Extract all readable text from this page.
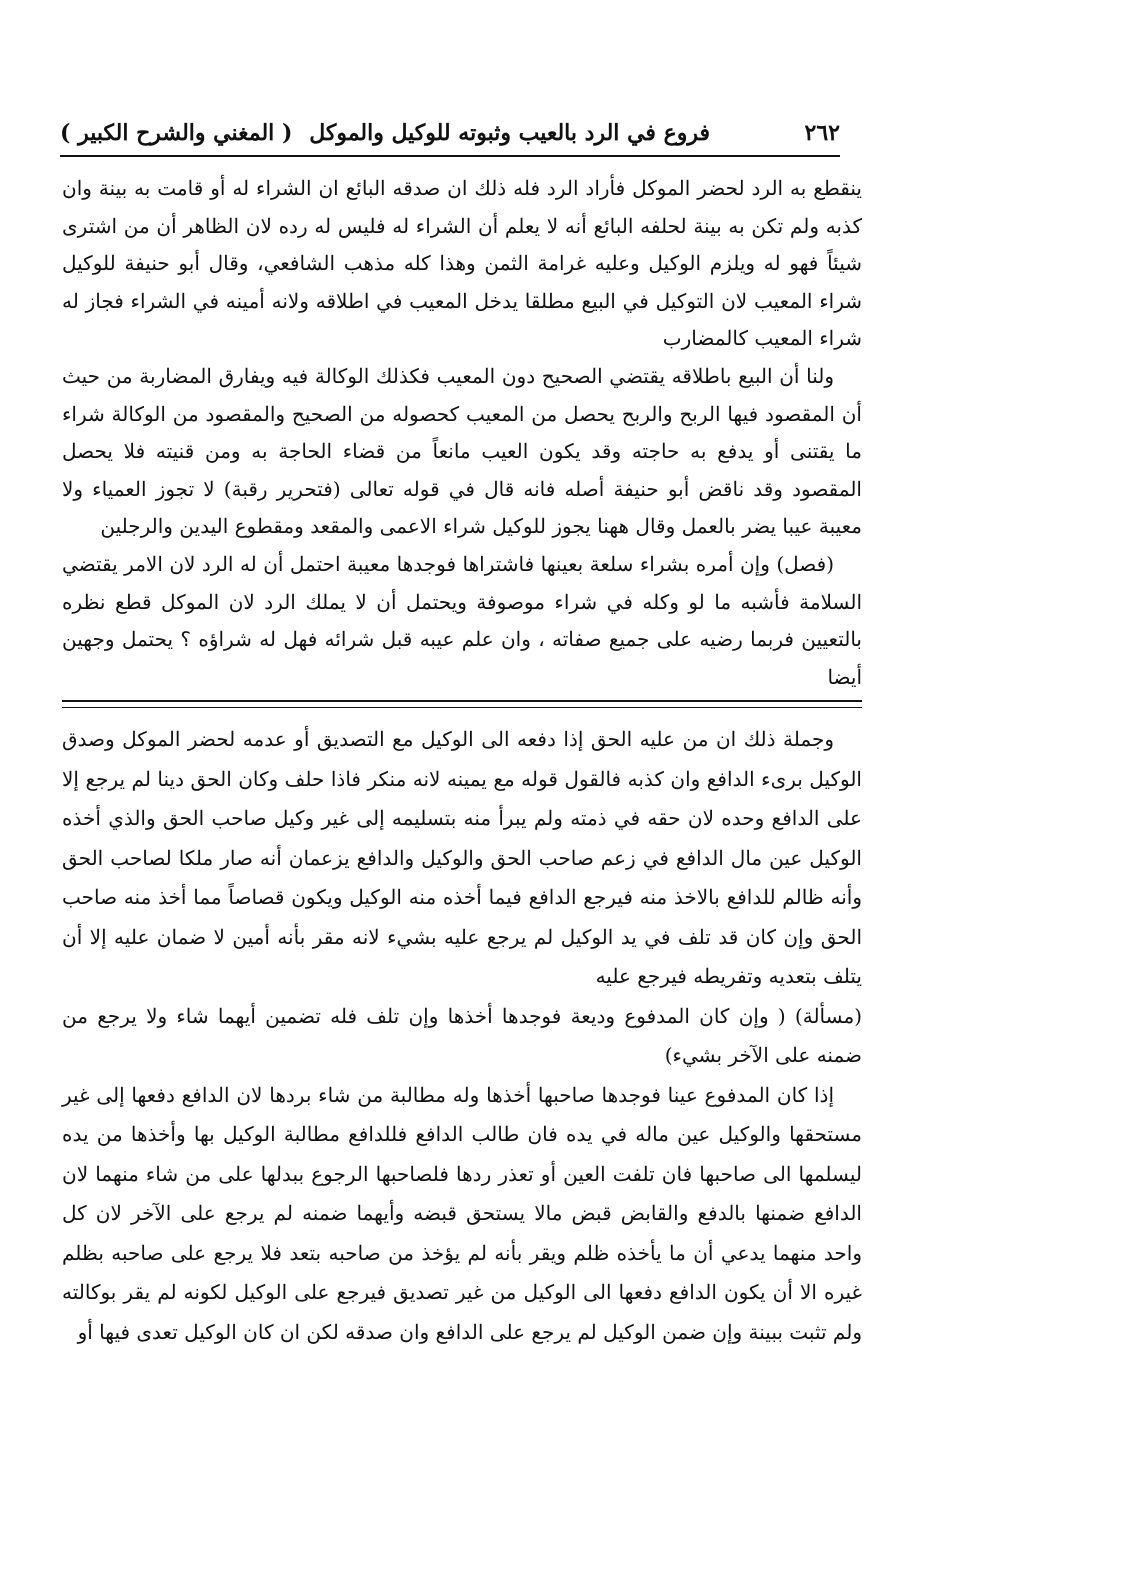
٢٦٢
فروع في الرد بالعيب وثبوته للوكيل والموكل
( المغني والشرح الكبير )

ينقطع به الرد لحضر الموكل فأراد الرد فله ذلك ان صدقه البائع ان الشراء له أو قامت به بينة وان كذبه ولم تكن به بينة لحلفه البائع أنه لا يعلم أن الشراء له فليس له رده لان الظاهر أن من اشترى شيئاً فهو له ويلزم الوكيل وعليه غرامة الثمن وهذا كله مذهب الشافعي، وقال أبو حنيفة للوكيل شراء المعيب لان التوكيل في البيع مطلقا يدخل المعيب في اطلاقه ولانه أمينه في الشراء فجاز له شراء المعيب كالمضارب

ولنا أن البيع باطلاقه يقتضي الصحيح دون المعيب فكذلك الوكالة فيه ويفارق المضاربة من حيث أن المقصود فيها الربح والربح يحصل من المعيب كحصوله من الصحيح والمقصود من الوكالة شراء ما يقتنى أو يدفع به حاجته وقد يكون العيب مانعاً من قضاء الحاجة به ومن قنيته فلا يحصل المقصود وقد ناقض أبو حنيفة أصله فانه قال في قوله تعالى (فتحرير رقبة) لا تجوز العمياء ولا معيبة عيبا يضر بالعمل وقال ههنا يجوز للوكيل شراء الاعمى والمقعد ومقطوع اليدين والرجلين

(فصل) وإن أمره بشراء سلعة بعينها فاشتراها فوجدها معيبة احتمل أن له الرد لان الامر يقتضي السلامة فأشبه ما لو وكله في شراء موصوفة ويحتمل أن لا يملك الرد لان الموكل قطع نظره بالتعيين فربما رضيه على جميع صفاته ، وان علم عيبه قبل شرائه فهل له شراؤه ؟ يحتمل وجهين أيضا

وجملة ذلك ان من عليه الحق إذا دفعه الى الوكيل مع التصديق أو عدمه لحضر الموكل وصدق الوكيل برىء الدافع وان كذبه فالقول قوله مع يمينه لانه منكر فاذا حلف وكان الحق دينا لم يرجع إلا على الدافع وحده لان حقه في ذمته ولم يبرأ منه بتسليمه إلى غير وكيل صاحب الحق والذي أخذه الوكيل عين مال الدافع في زعم صاحب الحق والوكيل والدافع يزعمان أنه صار ملكا لصاحب الحق وأنه ظالم للدافع بالاخذ منه فيرجع الدافع فيما أخذه منه الوكيل ويكون قصاصاً مما أخذ منه صاحب الحق وإن كان قد تلف في يد الوكيل لم يرجع عليه بشيء لانه مقر بأنه أمين لا ضمان عليه إلا أن يتلف بتعديه وتفريطه فيرجع عليه

(مسألة) ( وإن كان المدفوع وديعة فوجدها أخذها وإن تلف فله تضمين أيهما شاء ولا يرجع من ضمنه على الآخر بشيء)

إذا كان المدفوع عينا فوجدها صاحبها أخذها وله مطالبة من شاء بردها لان الدافع دفعها إلى غير مستحقها والوكيل عين ماله في يده فان طالب الدافع فللدافع مطالبة الوكيل بها وأخذها من يده ليسلمها الى صاحبها فان تلفت العين أو تعذر ردها فلصاحبها الرجوع ببدلها على من شاء منهما لان الدافع ضمنها بالدفع والقابض قبض مالا يستحق قبضه وأيهما ضمنه لم يرجع على الآخر لان كل واحد منهما يدعي أن ما يأخذه ظلم ويقر بأنه لم يؤخذ من صاحبه بتعد فلا يرجع على صاحبه بظلم غيره الا أن يكون الدافع دفعها الى الوكيل من غير تصديق فيرجع على الوكيل لكونه لم يقر بوكالته ولم تثبت ببينة وإن ضمن الوكيل لم يرجع على الدافع وان صدقه لكن ان كان الوكيل تعدى فيها أو
